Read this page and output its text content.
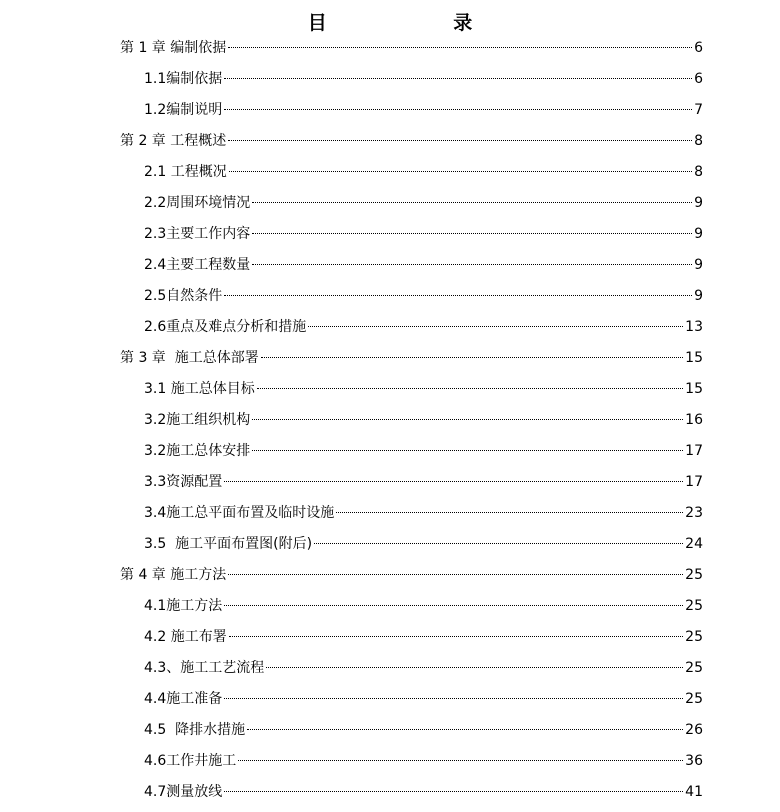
目 录
第 1 章 编制依据	6
1.1编制依据	6
1.2编制说明	7
第 2 章 工程概述	8
2.1 工程概况	8
2.2周围环境情况	9
2.3主要工作内容	9
2.4主要工程数量	9
2.5自然条件	9
2.6重点及难点分析和措施	13
第 3 章  施工总体部署	15
3.1 施工总体目标	15
3.2施工组织机构	16
3.2施工总体安排	17
3.3资源配置	17
3.4施工总平面布置及临时设施	23
3.5  施工平面布置图(附后)	24
第 4 章 施工方法	25
4.1施工方法	25
4.2 施工布署	25
4.3、施工工艺流程	25
4.4施工准备	25
4.5  降排水措施	26
4.6工作井施工	36
4.7测量放线	41
